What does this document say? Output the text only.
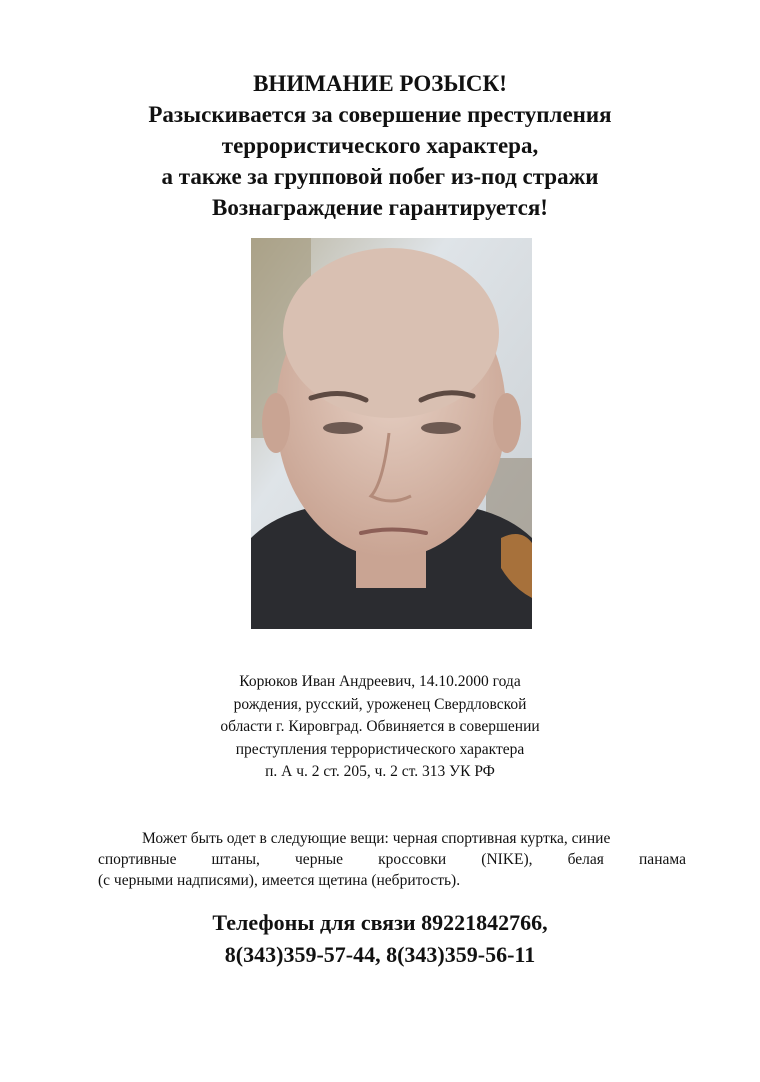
ВНИМАНИЕ РОЗЫСК!
Разыскивается за совершение преступления
террористического характера,
а также за групповой побег из-под стражи
Вознаграждение гарантируется!
Корюков Иван Андреевич, 14.10.2000 года
рождения, русский, уроженец Свердловской
области г. Кировград. Обвиняется в совершении
преступления террористического характера
п. А ч. 2 ст. 205, ч. 2 ст. 313 УК РФ
Может быть одет в следующие вещи: черная спортивная куртка, синие
спортивные штаны, черные кроссовки (NIKE), белая панама
(с черными надписями), имеется щетина (небритость).
Телефоны для связи 89221842766,
8(343)359-57-44, 8(343)359-56-11
